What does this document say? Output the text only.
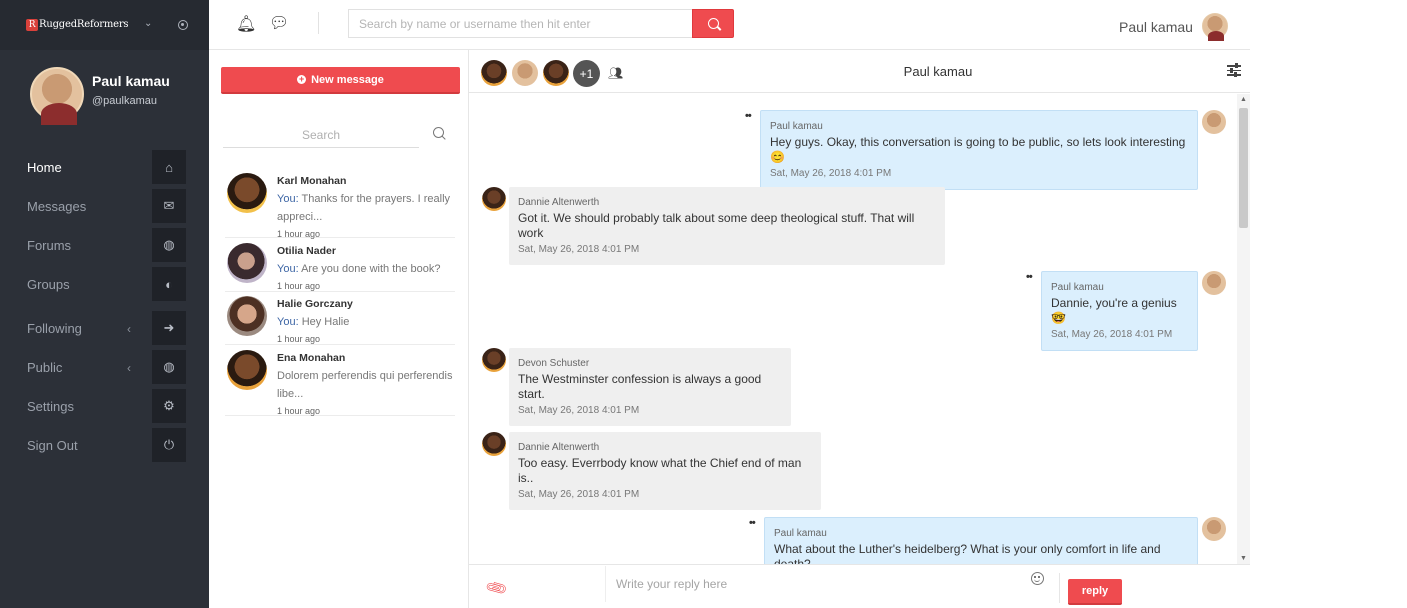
R RuggedReformers ⌄
Paul kamau
@paulkamau
Home	⌂
Messages	✉
Forums	◍
Groups	◐
Following	‹	➜
Public	‹	◍
Settings	⚙
Sign Out	⏻
🔔︎ 💬︎
Search by name or username then hit enter	Paul kamau
+ New message
Search
Karl Monahan
You: Thanks for the prayers. I really appreci...
1 hour ago
Otilia Nader
You: Are you done with the book?
1 hour ago
Halie Gorczany
You: Hey Halie
1 hour ago
Ena Monahan
Dolorem perferendis qui perferendis libe...
1 hour ago
+1	👥︎	Paul kamau
••
Paul kamau
Hey guys. Okay, this conversation is going to be public, so lets look interesting 😊
Sat, May 26, 2018 4:01 PM
Dannie Altenwerth
Got it. We should probably talk about some deep theological stuff. That will work
Sat, May 26, 2018 4:01 PM
••
Paul kamau
Dannie, you're a genius 🤓
Sat, May 26, 2018 4:01 PM
Devon Schuster
The Westminster confession is always a good start.
Sat, May 26, 2018 4:01 PM
Dannie Altenwerth
Too easy. Everrbody know what the Chief end of man is..
Sat, May 26, 2018 4:01 PM
••
Paul kamau
What about the Luther's heidelberg? What is your only comfort in life and
▲
▼
📎︎
Write your reply here	reply
